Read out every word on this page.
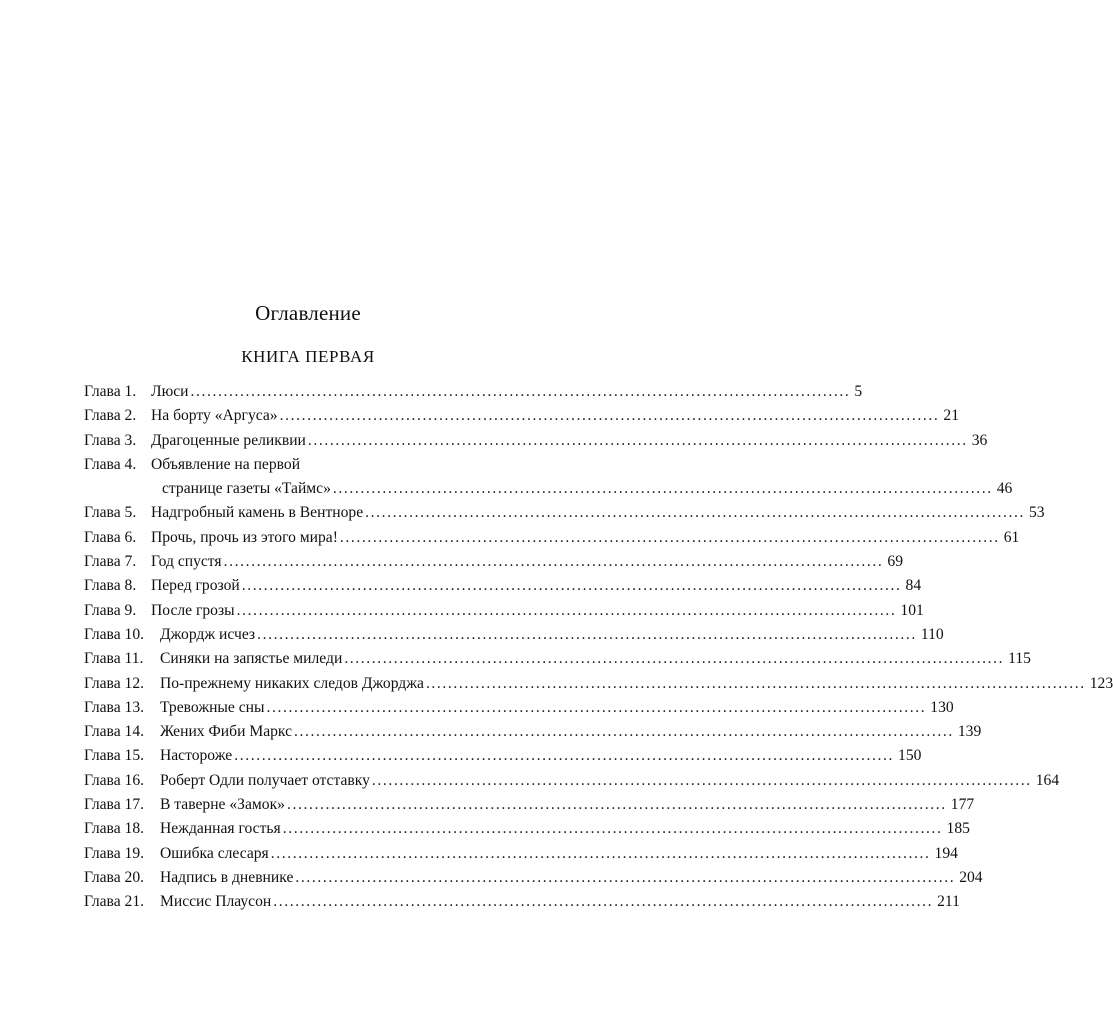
Оглавление
КНИГА ПЕРВАЯ
Глава 1. Люси ........................................................................................................................ 5
Глава 2. На борту «Аргуса» ........................................................................................................................ 21
Глава 3. Драгоценные реликвии ........................................................................................................................ 36
Глава 4. Объявление на первой
странице газеты «Таймс» ........................................................................................................................ 46
Глава 5. Надгробный камень в Вентноре ........................................................................................................................ 53
Глава 6. Прочь, прочь из этого мира! ........................................................................................................................ 61
Глава 7. Год спустя ........................................................................................................................ 69
Глава 8. Перед грозой ........................................................................................................................ 84
Глава 9. После грозы ........................................................................................................................ 101
Глава 10. Джордж исчез ........................................................................................................................ 110
Глава 11. Синяки на запястье миледи ........................................................................................................................ 115
Глава 12. По-прежнему никаких следов Джорджа ........................................................................................................................ 123
Глава 13. Тревожные сны ........................................................................................................................ 130
Глава 14. Жених Фиби Маркс ........................................................................................................................ 139
Глава 15. Настороже ........................................................................................................................ 150
Глава 16. Роберт Одли получает отставку ........................................................................................................................ 164
Глава 17. В таверне «Замок» ........................................................................................................................ 177
Глава 18. Нежданная гостья ........................................................................................................................ 185
Глава 19. Ошибка слесаря ........................................................................................................................ 194
Глава 20. Надпись в дневнике ........................................................................................................................ 204
Глава 21. Миссис Плаусон ........................................................................................................................ 211
